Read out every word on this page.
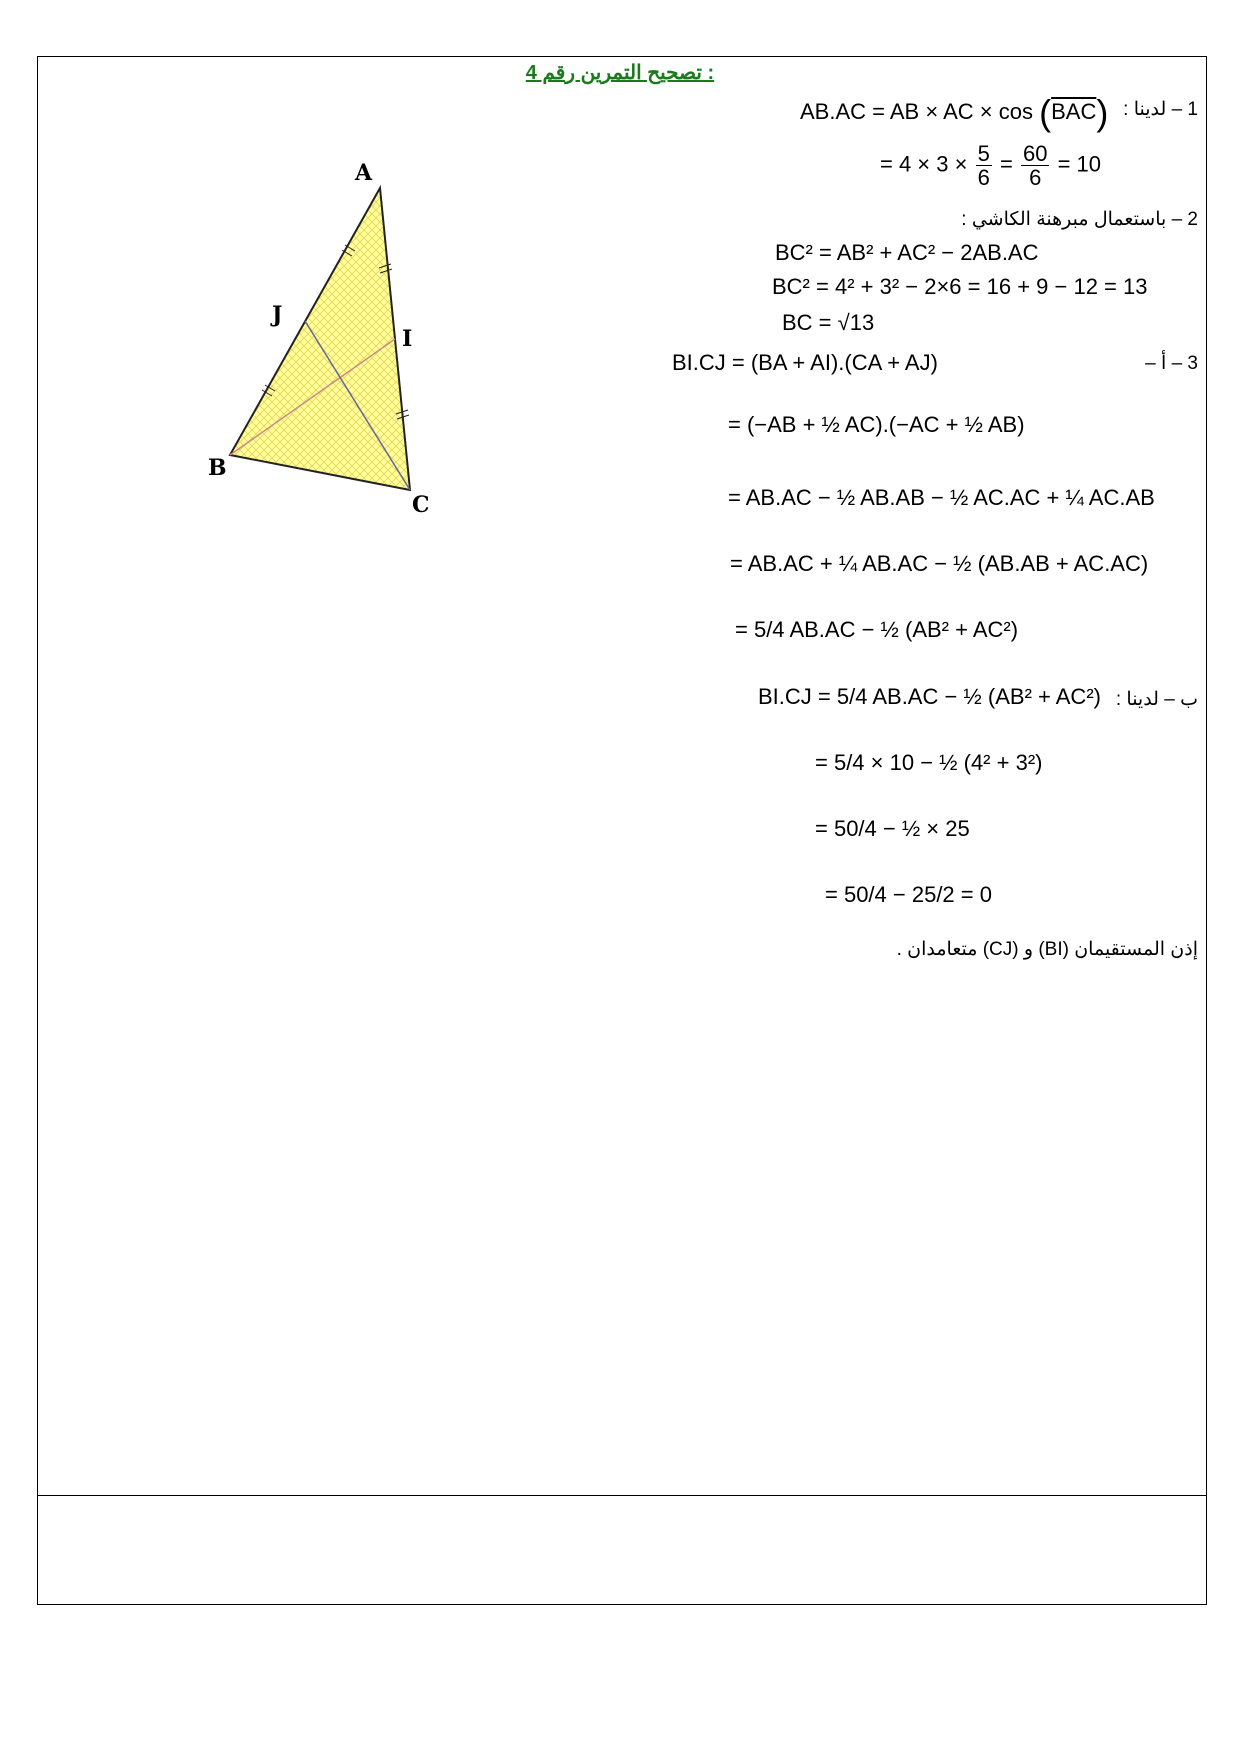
تصحيح التمرين رقم 4 :
A
B
C
I
J
1 – لدينا :
AB.AC = AB × AC × $\cos (\overline{BAC})$
= $4 \times 3 \times \frac{5}{6} = \frac{60}{6} = 10$
2 – باستعمال مبرهنة الكاشي :
BC² = AB² + AC² − 2AB.AC
BC² = 4² + 3² − 2×6 = 16 + 9 − 12 = 13
BC = √13
3 – أ –
BI.CJ = (BA + AI).(CA + AJ)
= (−AB + ½ AC).(−AC + ½ AB)
= AB.AC − ½ AB.AB − ½ AC.AC + ¼ AC.AB
= AB.AC + ¼ AB.AC − ½ (AB.AB + AC.AC)
= 5/4 AB.AC − ½ (AB² + AC²)
ب – لدينا :
BI.CJ = 5/4 AB.AC − ½ (AB² + AC²)
= 5/4 × 10 − ½ (4² + 3²)
= 50/4 − ½ × 25
= 50/4 − 25/2 = 0
إذن المستقيمان (BI) و (CJ) متعامدان .
